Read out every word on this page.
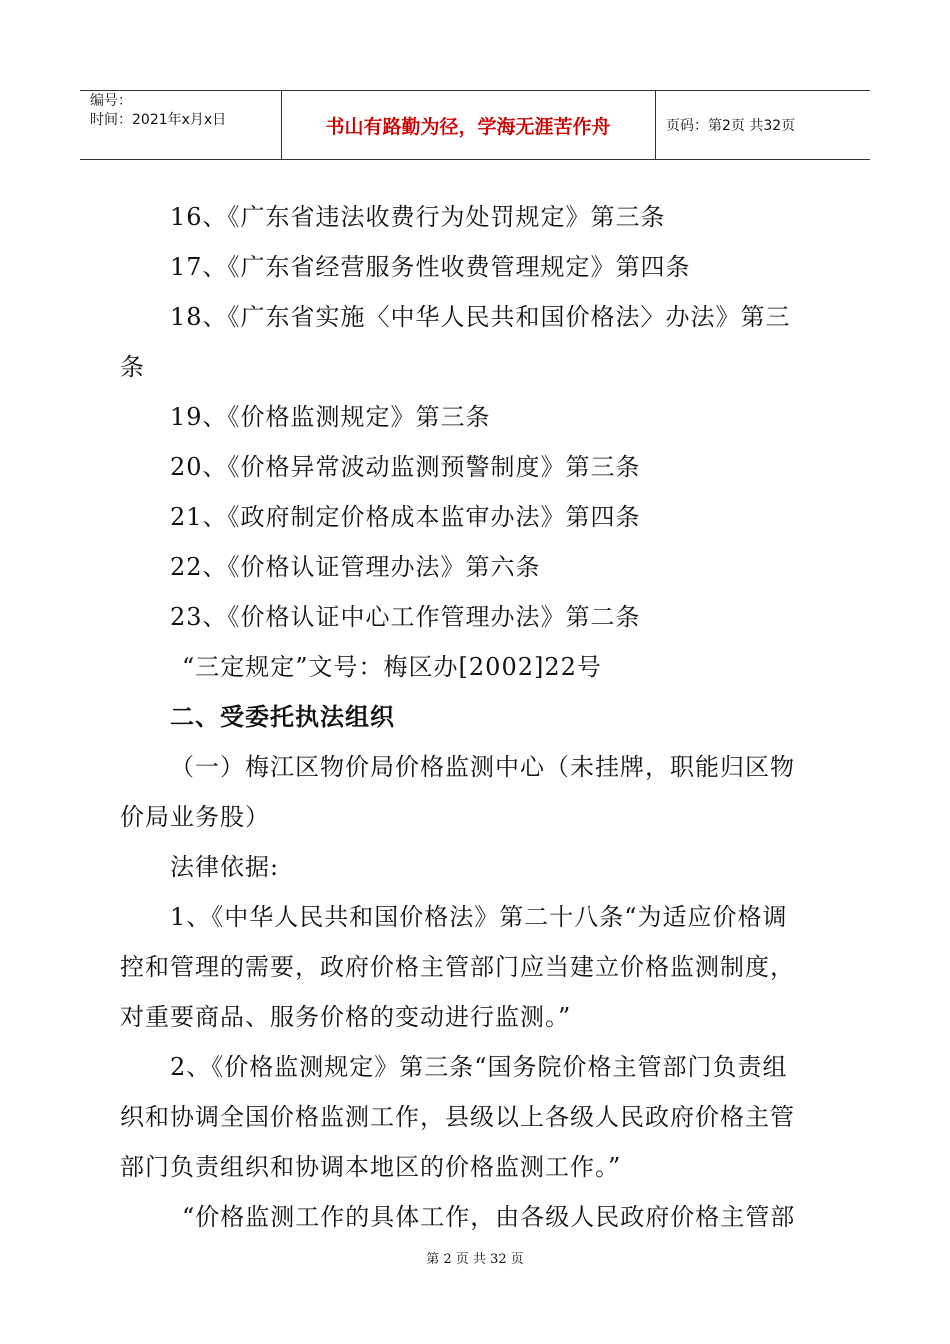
编号：
时间：2021年x月x日	书山有路勤为径，学海无涯苦作舟	页码：第2页 共32页
16、《广东省违法收费行为处罚规定》第三条
17、《广东省经营服务性收费管理规定》第四条
18、《广东省实施〈中华人民共和国价格法〉办法》第三
条
19、《价格监测规定》第三条
20、《价格异常波动监测预警制度》第三条
21、《政府制定价格成本监审办法》第四条
22、《价格认证管理办法》第六条
23、《价格认证中心工作管理办法》第二条
“三定规定”文号：梅区办[2002]22号
二、受委托执法组织
（一）梅江区物价局价格监测中心（未挂牌，职能归区物
价局业务股）
法律依据:
1、《中华人民共和国价格法》第二十八条“为适应价格调
控和管理的需要，政府价格主管部门应当建立价格监测制度，
对重要商品、服务价格的变动进行监测。”
2、《价格监测规定》第三条“国务院价格主管部门负责组
织和协调全国价格监测工作，县级以上各级人民政府价格主管
部门负责组织和协调本地区的价格监测工作。”
“价格监测工作的具体工作，由各级人民政府价格主管部
第 2 页 共 32 页
